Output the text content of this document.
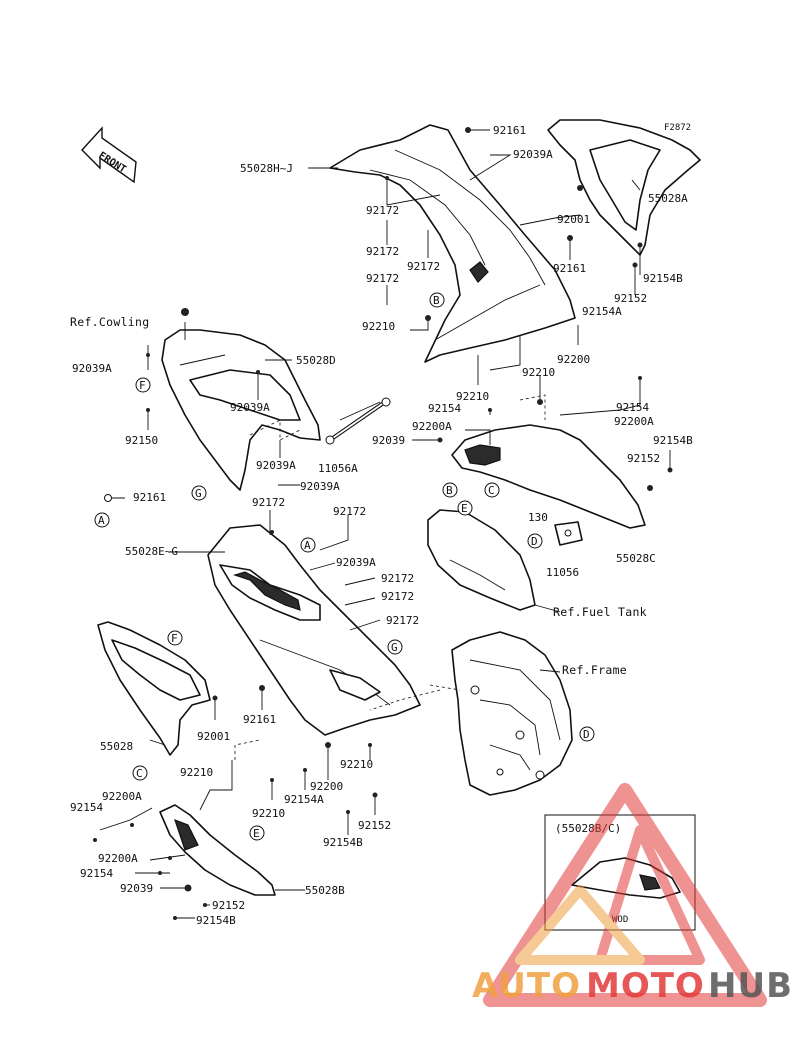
FRONT
F2872
(55028B/C)
WOD
B
F
G
A
B	C
E
A	D
F
G
D
C
E
Ref.Cowling
Ref.Fuel Tank
Ref.Frame
92161
55028H~J
92039A
92172
92001
55028A
92172
92172	92161
92154B
92172
92152
92210
92154A
55028D	92200
92039A	92210
92039A
92210
92154	92154
92150
92200A	92200A
92039
11056A
92154B
92039A
92152
92039A
92161	92172
130
92172
11056
55028E~G
92039A	55028C
92172
92172
92172
92161
92001
55028
92210
92210
92200
92154A
92210
92200A
92154
92152
92154B
92200A
92154
92039	55028B
92152
92154B
AUTO MOTO HUB
